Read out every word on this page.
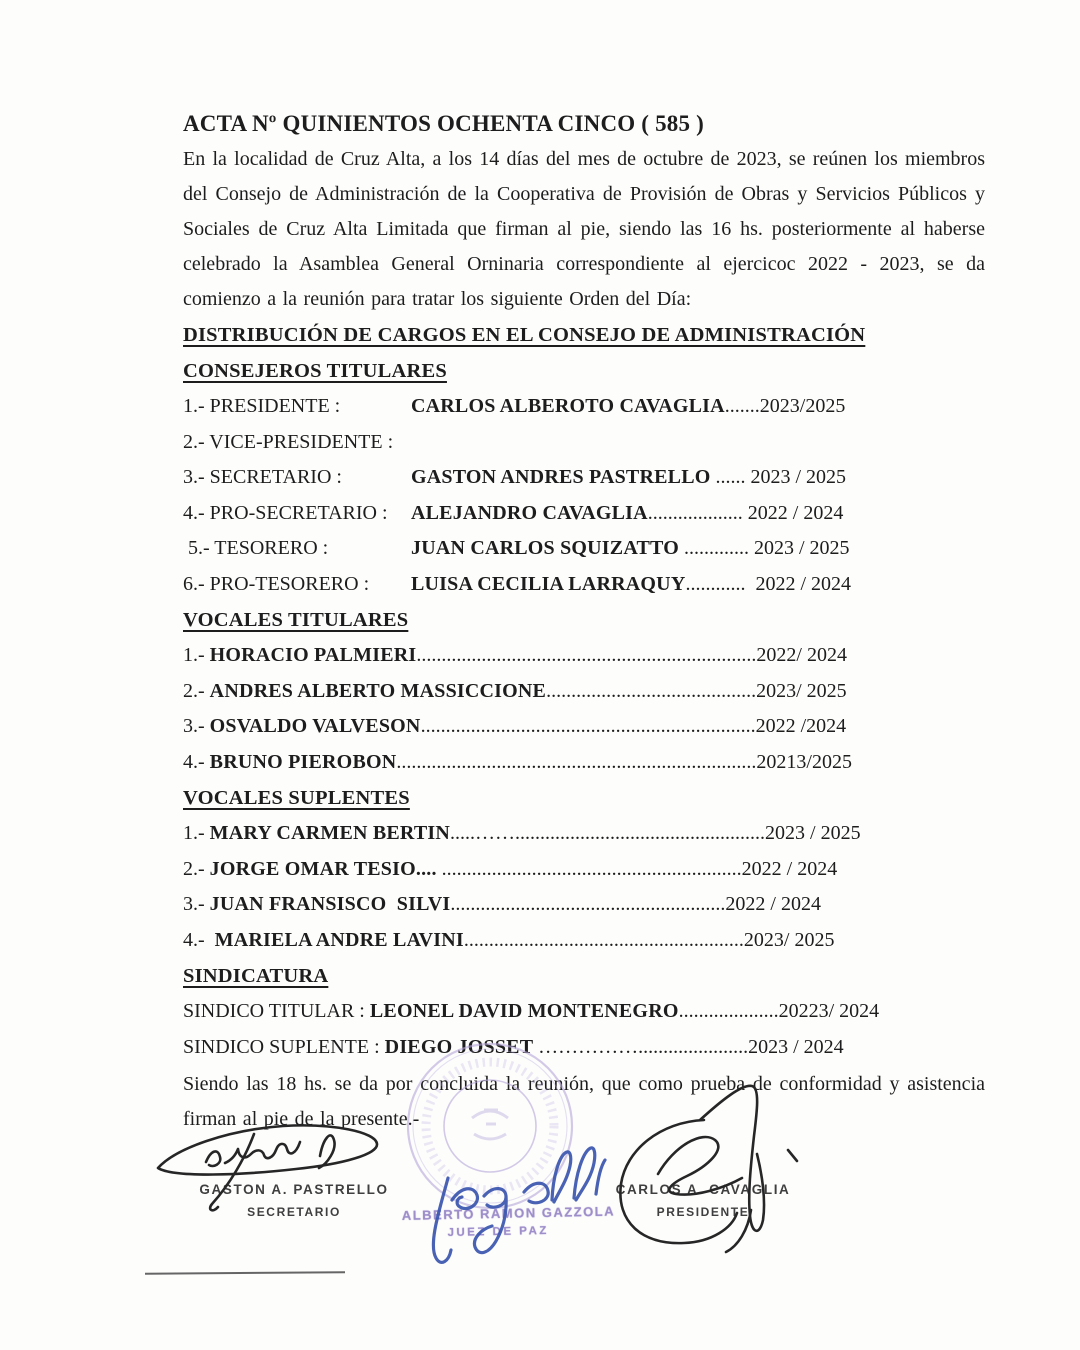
ACTA Nº QUINIENTOS OCHENTA CINCO ( 585 )

En la localidad de Cruz Alta, a los 14 días del mes de octubre de 2023, se reúnen los miembros del Consejo de Administración de la Cooperativa de Provisión de Obras y Servicios Públicos y Sociales de Cruz Alta Limitada que firman al pie, siendo las 16 hs. posteriormente al haberse celebrado la Asamblea General Orninaria correspondiente al ejercicoc 2022 - 2023, se da comienzo a la reunión para tratar los siguiente Orden del Día:

DISTRIBUCIÓN DE CARGOS EN EL CONSEJO DE ADMINISTRACIÓN
CONSEJEROS TITULARES
1.- PRESIDENTE :	CARLOS ALBEROTO CAVAGLIA.......2023/2025
2.- VICE-PRESIDENTE :
3.- SECRETARIO :	GASTON ANDRES PASTRELLO ...... 2023 / 2025
4.- PRO-SECRETARIO : ALEJANDRO CAVAGLIA................... 2022 / 2024
5.- TESORERO :	JUAN CARLOS SQUIZATTO ............. 2023 / 2025
6.- PRO-TESORERO : LUISA CECILIA LARRAQUY............  2022 / 2024
VOCALES TITULARES
1.- HORACIO PALMIERI....................................................................2022/ 2024
2.- ANDRES ALBERTO MASSICCIONE..........................................2023/ 2025
3.- OSVALDO VALVESON...................................................................2022 /2024
4.- BRUNO PIEROBON........................................................................20213/2025
VOCALES SUPLENTES
1.- MARY CARMEN BERTIN.....……..................................................2023 / 2025
2.- JORGE OMAR TESIO.... ............................................................2022 / 2024
3.- JUAN FRANSISCO  SILVI.......................................................2022 / 2024
4.-  MARIELA ANDRE LAVINI........................................................2023/ 2025
SINDICATURA
SINDICO TITULAR : LEONEL DAVID MONTENEGRO....................20223/ 2024
SINDICO SUPLENTE : DIEGO JOSSET ……………......................2023 / 2024

Siendo las 18 hs. se da por concluida la reunión, que como prueba de conformidad y asistencia firman al pie de la presente.-

GASTON A. PASTRELLO
SECRETARIO
CARLOS A. CAVAGLIA
PRESIDENTE
ALBERTO RAMON GAZZOLA
JUEZ DE PAZ
